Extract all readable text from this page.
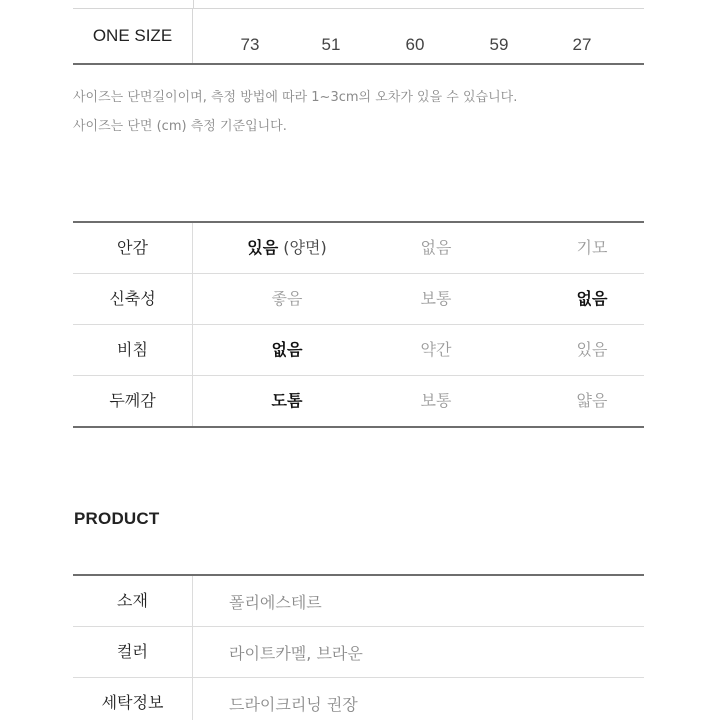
ONE SIZE	73	51	60	59	27
사이즈는 단면길이이며, 측정 방법에 따라 1~3cm의 오차가 있을 수 있습니다.
사이즈는 단면 (cm) 측정 기준입니다.
안감	있음 (양면)	없음	기모
신축성	좋음	보통	없음
비침	없음	약간	있음
두께감	도톰	보통	얇음
PRODUCT
소재	폴리에스테르
컬러	라이트카멜, 브라운
세탁정보	드라이크리닝 권장
